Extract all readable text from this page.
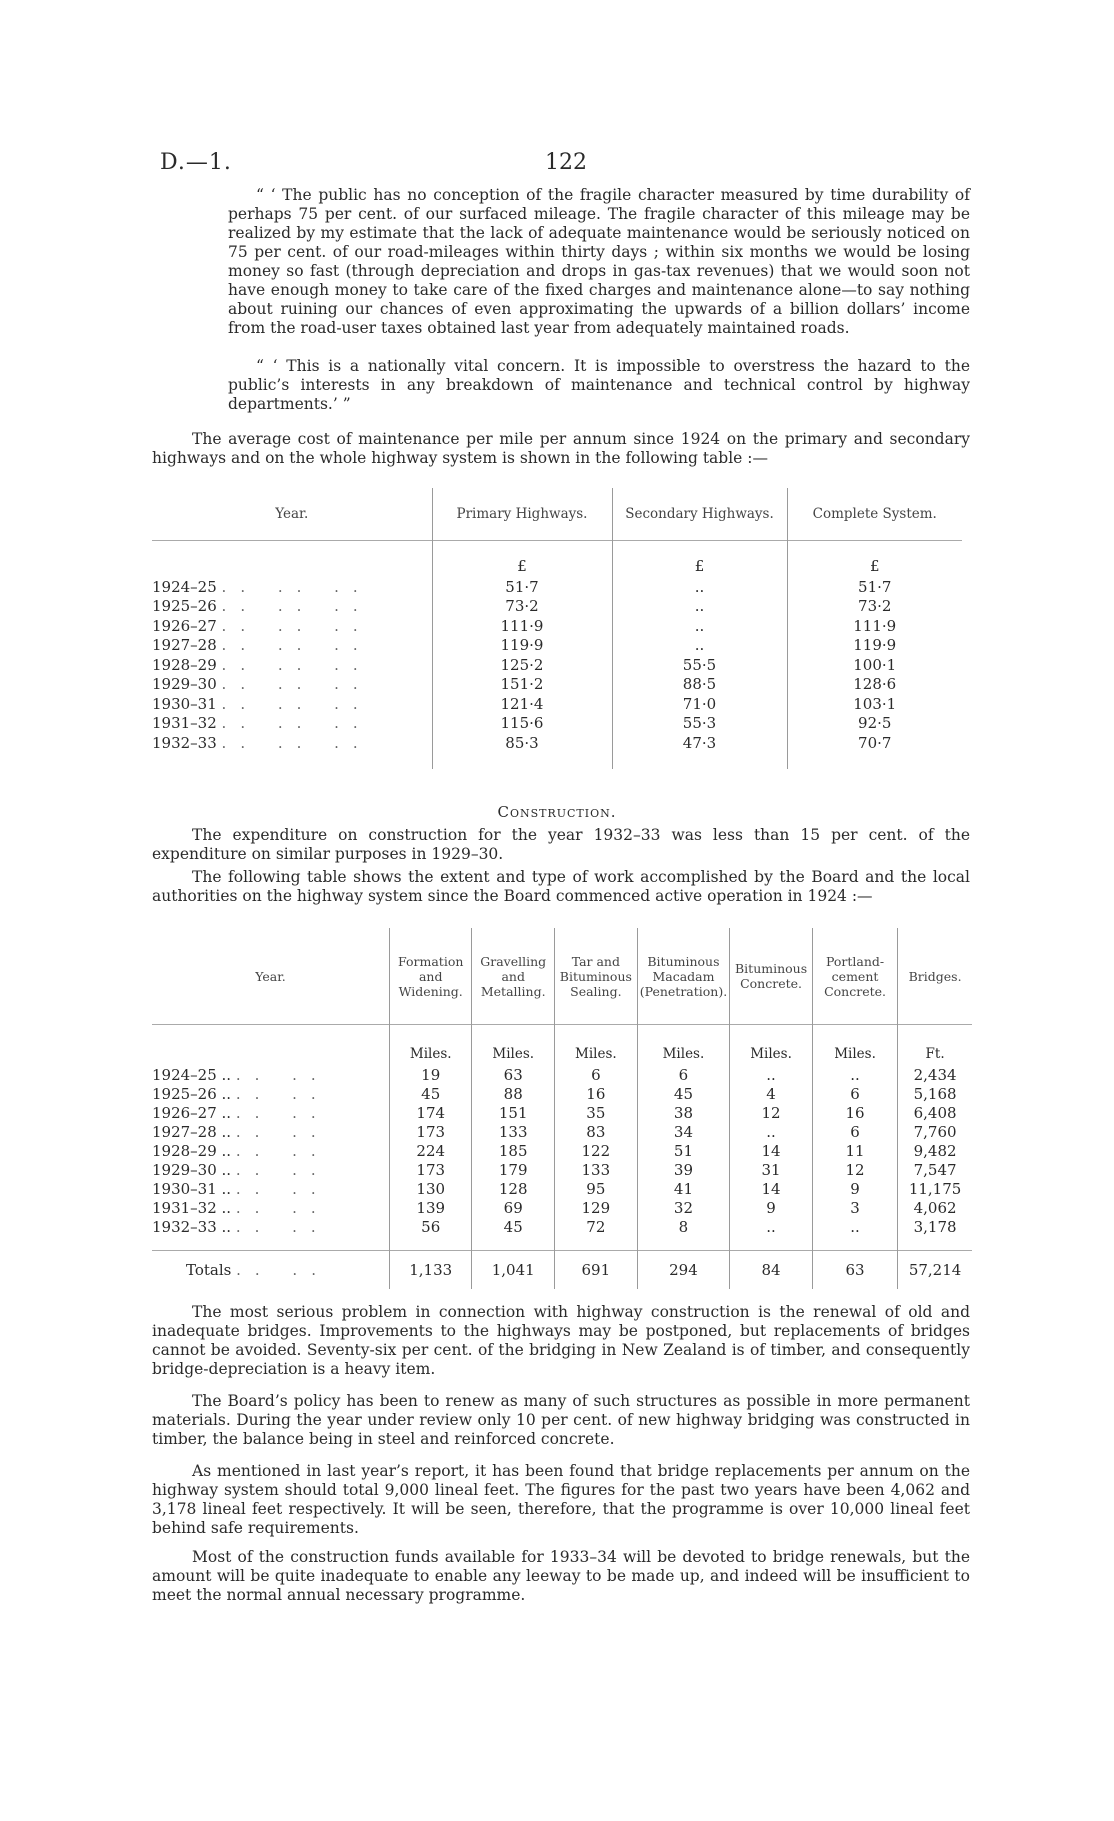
D.—1.	122

“ ‘ The public has no conception of the fragile character measured by time durability of perhaps 75 per cent. of our surfaced mileage. The fragile character of this mileage may be realized by my estimate that the lack of adequate maintenance would be seriously noticed on 75 per cent. of our road-mileages within thirty days ; within six months we would be losing money so fast (through depreciation and drops in gas-tax revenues) that we would soon not have enough money to take care of the fixed charges and maintenance alone—to say nothing about ruining our chances of even approximating the upwards of a billion dollars’ income from the road-user taxes obtained last year from adequately maintained roads.

“ ‘ This is a nationally vital concern. It is impossible to overstress the hazard to the public’s interests in any breakdown of maintenance and technical control by highway departments.’ ”

The average cost of maintenance per mile per annum since 1924 on the primary and secondary highways and on the whole highway system is shown in the following table :—

Year.	Primary Highways.	Secondary Highways.	Complete System.
	£	£	£
1924–25 .. .. ..	51·7	..	51·7
1925–26 .. .. ..	73·2	..	73·2
1926–27 .. .. ..	111·9	..	111·9
1927–28 .. .. ..	119·9	..	119·9
1928–29 .. .. ..	125·2	55·5	100·1
1929–30 .. .. ..	151·2	88·5	128·6
1930–31 .. .. ..	121·4	71·0	103·1
1931–32 .. .. ..	115·6	55·3	92·5
1932–33 .. .. ..	85·3	47·3	70·7
Construction.

The expenditure on construction for the year 1932–33 was less than 15 per cent. of the expenditure on similar purposes in 1929–30.

The following table shows the extent and type of work accomplished by the Board and the local authorities on the highway system since the Board commenced active operation in 1924 :—

Year.	Formation and Widening.	Gravelling and Metalling.	Tar and Bituminous Sealing.	Bituminous Macadam (Penetration).	Bituminous Concrete.	Portland-cement Concrete.	Bridges.
	Miles.	Miles.	Miles.	Miles.	Miles.	Miles.	Ft.
1924–25 .. .. ..	19	63	6	6	..	..	2,434
1925–26 .. .. ..	45	88	16	45	4	6	5,168
1926–27 .. .. ..	174	151	35	38	12	16	6,408
1927–28 .. .. ..	173	133	83	34	..	6	7,760
1928–29 .. .. ..	224	185	122	51	14	11	9,482
1929–30 .. .. ..	173	179	133	39	31	12	7,547
1930–31 .. .. ..	130	128	95	41	14	9	11,175
1931–32 .. .. ..	139	69	129	32	9	3	4,062
1932–33 .. .. ..	56	45	72	8	..	..	3,178
Totals .. ..	1,133	1,041	691	294	84	63	57,214

The most serious problem in connection with highway construction is the renewal of old and inadequate bridges. Improvements to the highways may be postponed, but replacements of bridges cannot be avoided. Seventy-six per cent. of the bridging in New Zealand is of timber, and consequently bridge-depreciation is a heavy item.

The Board’s policy has been to renew as many of such structures as possible in more permanent materials. During the year under review only 10 per cent. of new highway bridging was constructed in timber, the balance being in steel and reinforced concrete.

As mentioned in last year’s report, it has been found that bridge replacements per annum on the highway system should total 9,000 lineal feet. The figures for the past two years have been 4,062 and 3,178 lineal feet respectively. It will be seen, therefore, that the programme is over 10,000 lineal feet behind safe requirements.

Most of the construction funds available for 1933–34 will be devoted to bridge renewals, but the amount will be quite inadequate to enable any leeway to be made up, and indeed will be insufficient to meet the normal annual necessary programme.
